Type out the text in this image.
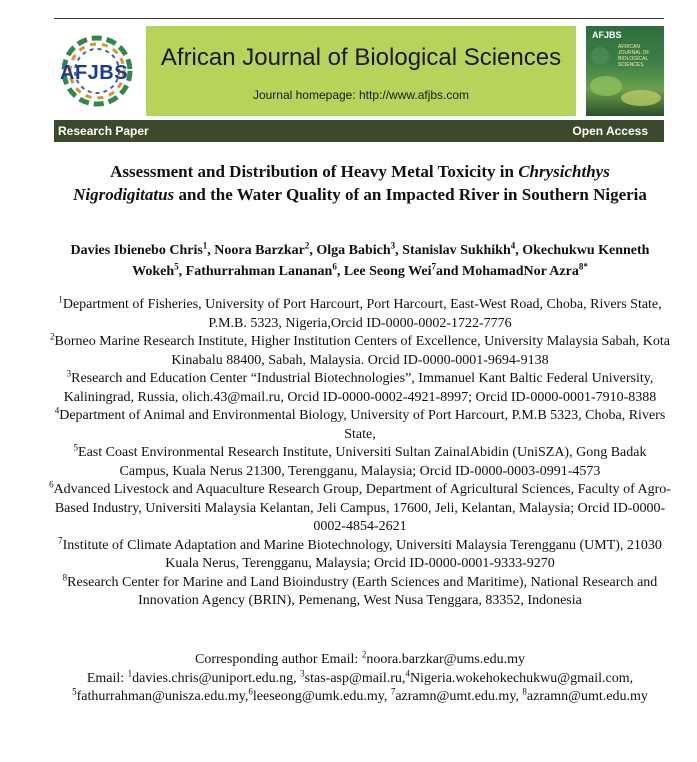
AFJBS
African Journal of Biological Sciences
Journal homepage: http://www.afjbs.com
AFJBS
AFRICAN JOURNAL OF BIOLOGICAL SCIENCES
Research Paper	Open Access
Assessment and Distribution of Heavy Metal Toxicity in Chrysichthys Nigrodigitatus and the Water Quality of an Impacted River in Southern Nigeria
Davies Ibienebo Chris$^1$, Noora Barzkar$^2$, Olga Babich$^3$, Stanislav Sukhikh$^4$, Okechukwu Kenneth Wokeh$^5$, Fathurrahman Lananan$^6$, Lee Seong Wei$^7$and MohamadNor Azra$^{8*}$

$^1$Department of Fisheries, University of Port Harcourt, Port Harcourt, East-West Road, Choba, Rivers State, P.M.B. 5323, Nigeria,Orcid ID-0000-0002-1722-7776

$^2$Borneo Marine Research Institute, Higher Institution Centers of Excellence, University Malaysia Sabah, Kota Kinabalu 88400, Sabah, Malaysia. Orcid ID-0000-0001-9694-9138

$^3$Research and Education Center “Industrial Biotechnologies”, Immanuel Kant Baltic Federal University, Kaliningrad, Russia, olich.43@mail.ru, Orcid ID-0000-0002-4921-8997; Orcid ID-0000-0001-7910-8388

$^4$Department of Animal and Environmental Biology, University of Port Harcourt, P.M.B 5323, Choba, Rivers State,

$^5$East Coast Environmental Research Institute, Universiti Sultan ZainalAbidin (UniSZA), Gong Badak Campus, Kuala Nerus 21300, Terengganu, Malaysia; Orcid ID-0000-0003-0991-4573

$^6$Advanced Livestock and Aquaculture Research Group, Department of Agricultural Sciences, Faculty of Agro-Based Industry, Universiti Malaysia Kelantan, Jeli Campus, 17600, Jeli, Kelantan, Malaysia; Orcid ID-0000-0002-4854-2621

$^7$Institute of Climate Adaptation and Marine Biotechnology, Universiti Malaysia Terengganu (UMT), 21030 Kuala Nerus, Terengganu, Malaysia; Orcid ID-0000-0001-9333-9270

$^8$Research Center for Marine and Land Bioindustry (Earth Sciences and Maritime), National Research and Innovation Agency (BRIN), Pemenang, West Nusa Tenggara, 83352, Indonesia

Corresponding author Email: $^2$noora.barzkar@ums.edu.my

Email: $^1$davies.chris@uniport.edu.ng, $^3$stas-asp@mail.ru,$^4$Nigeria.wokehokechukwu@gmail.com, $^5$fathurrahman@unisza.edu.my,$^6$leeseong@umk.edu.my, $^7$azramn@umt.edu.my, $^8$azramn@umt.edu.my
